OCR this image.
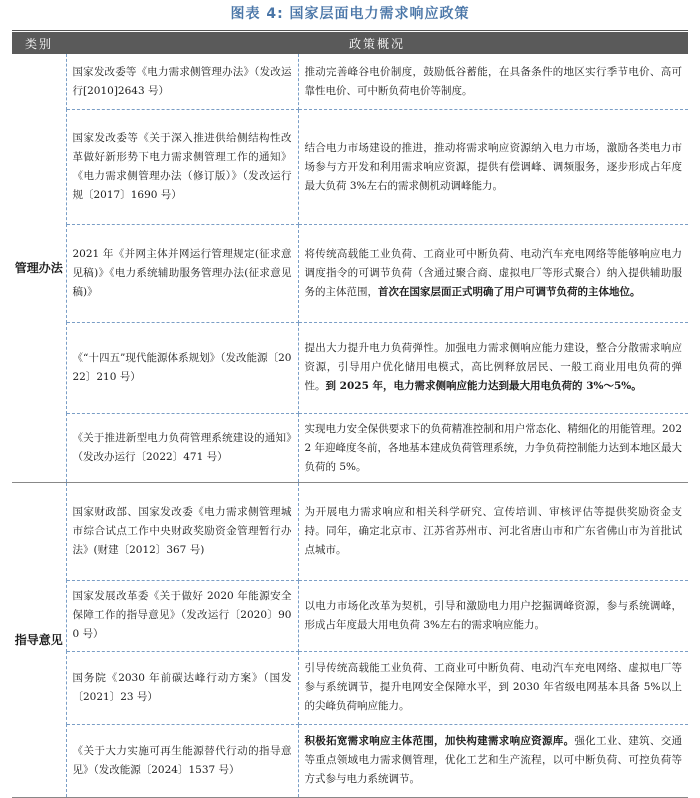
图表 4: 国家层面电力需求响应政策
类别	政策概况	
管理办法	国家发改委等《电力需求侧管理办法》（发改运行[2010]2643 号）	推动完善峰谷电价制度，鼓励低谷蓄能，在具备条件的地区实行季节电价、高可靠性电价、可中断负荷电价等制度。
	国家发改委等《关于深入推进供给侧结构性改革做好新形势下电力需求侧管理工作的通知》《电力需求侧管理办法（修订版）》（发改运行规〔2017〕1690 号）	结合电力市场建设的推进，推动将需求响应资源纳入电力市场，激励各类电力市场参与方开发和利用需求响应资源，提供有偿调峰、调频服务，逐步形成占年度最大负荷 3%左右的需求侧机动调峰能力。
	2021 年《并网主体并网运行管理规定(征求意见稿)》《电力系统辅助服务管理办法(征求意见稿)》	将传统高载能工业负荷、工商业可中断负荷、电动汽车充电网络等能够响应电力调度指令的可调节负荷（含通过聚合商、虚拟电厂等形式聚合）纳入提供辅助服务的主体范围，首次在国家层面正式明确了用户可调节负荷的主体地位。
	《“十四五”现代能源体系规划》（发改能源〔2022〕210 号）	提出大力提升电力负荷弹性。加强电力需求侧响应能力建设，整合分散需求响应资源，引导用户优化储用电模式，高比例释放居民、一般工商业用电负荷的弹性。到 2025 年，电力需求侧响应能力达到最大用电负荷的 3%～5%。
	《关于推进新型电力负荷管理系统建设的通知》（发改办运行〔2022〕471 号）	实现电力安全保供要求下的负荷精准控制和用户常态化、精细化的用能管理。2022 年迎峰度冬前，各地基本建成负荷管理系统，力争负荷控制能力达到本地区最大负荷的 5%。
指导意见	国家财政部、国家发改委《电力需求侧管理城市综合试点工作中央财政奖励资金管理暂行办法》(财建〔2012〕367 号)	为开展电力需求响应和相关科学研究、宣传培训、审核评估等提供奖励资金支持。同年，确定北京市、江苏省苏州市、河北省唐山市和广东省佛山市为首批试点城市。
	国家发展改革委《关于做好 2020 年能源安全保障工作的指导意见》（发改运行〔2020〕900 号）	以电力市场化改革为契机，引导和激励电力用户挖掘调峰资源，参与系统调峰，形成占年度最大用电负荷 3%左右的需求响应能力。
	国务院《2030 年前碳达峰行动方案》（国发〔2021〕23 号）	引导传统高载能工业负荷、工商业可中断负荷、电动汽车充电网络、虚拟电厂等参与系统调节，提升电网安全保障水平，到 2030 年省级电网基本具备 5%以上的尖峰负荷响应能力。
	《关于大力实施可再生能源替代行动的指导意见》（发改能源〔2024〕1537 号）	积极拓宽需求响应主体范围，加快构建需求响应资源库。强化工业、建筑、交通等重点领域电力需求侧管理，优化工艺和生产流程，以可中断负荷、可控负荷等方式参与电力系统调节。
